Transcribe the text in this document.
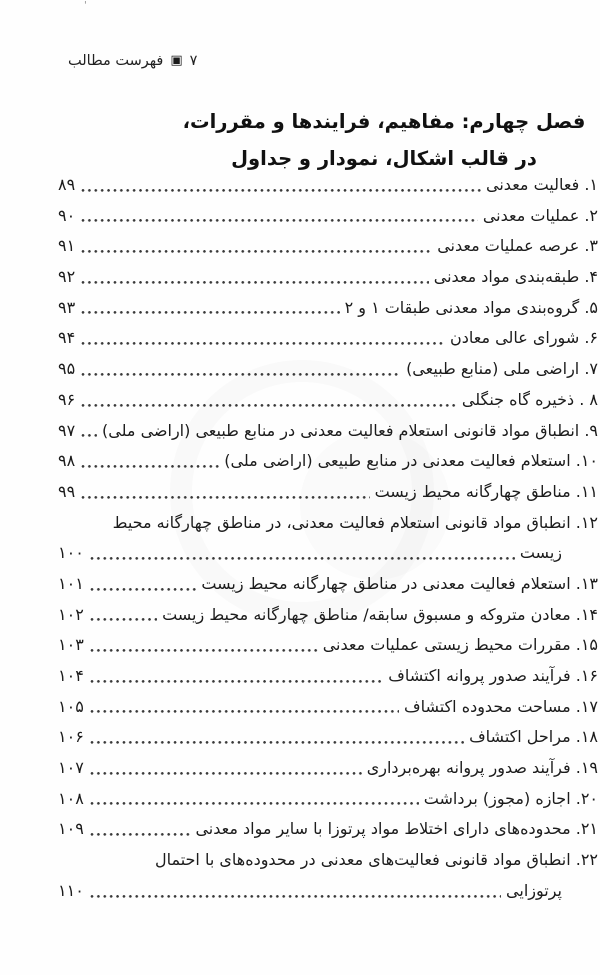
'
فهرست مطالب ▣ ۷
فصل چهارم: مفاهیم، فرایندها و مقررات،
در قالب اشکال، نمودار و جداول
۱. فعالیت معدنی
۸۹
۲. عملیات معدنی
۹۰
۳. عرصه عملیات معدنی
۹۱
۴. طبقه‌بندی مواد معدنی
۹۲
۵. گروه‌بندی مواد معدنی طبقات ۱ و ۲
۹۳
۶. شورای عالی معادن
۹۴
۷. اراضی ملی (منابع طبیعی)
۹۵
۸ . ذخیره گاه جنگلی
۹۶
۹. انطباق مواد قانونی استعلام فعالیت معدنی در منابع طبیعی (اراضی ملی)
۹۷
۱۰. استعلام فعالیت معدنی در منابع طبیعی (اراضی ملی)
۹۸
۱۱. مناطق چهارگانه محیط زیست
۹۹
۱۲. انطباق مواد قانونی استعلام فعالیت معدنی، در مناطق چهارگانه محیط
زیست
۱۰۰
۱۳. استعلام فعالیت معدنی در مناطق چهارگانه محیط زیست
۱۰۱
۱۴. معادن متروکه و مسبوق سابقه/ مناطق چهارگانه محیط زیست
۱۰۲
۱۵. مقررات محیط زیستی عملیات معدنی
۱۰۳
۱۶. فرآیند صدور پروانه اکتشاف
۱۰۴
۱۷. مساحت محدوده اکتشاف
۱۰۵
۱۸. مراحل اکتشاف
۱۰۶
۱۹. فرآیند صدور پروانه بهره‌برداری
۱۰۷
۲۰. اجازه (مجوز) برداشت
۱۰۸
۲۱. محدوده‌های دارای اختلاط مواد پرتوزا با سایر مواد معدنی
۱۰۹
۲۲. انطباق مواد قانونی فعالیت‌های معدنی در محدوده‌های با احتمال
پرتوزایی
۱۱۰
